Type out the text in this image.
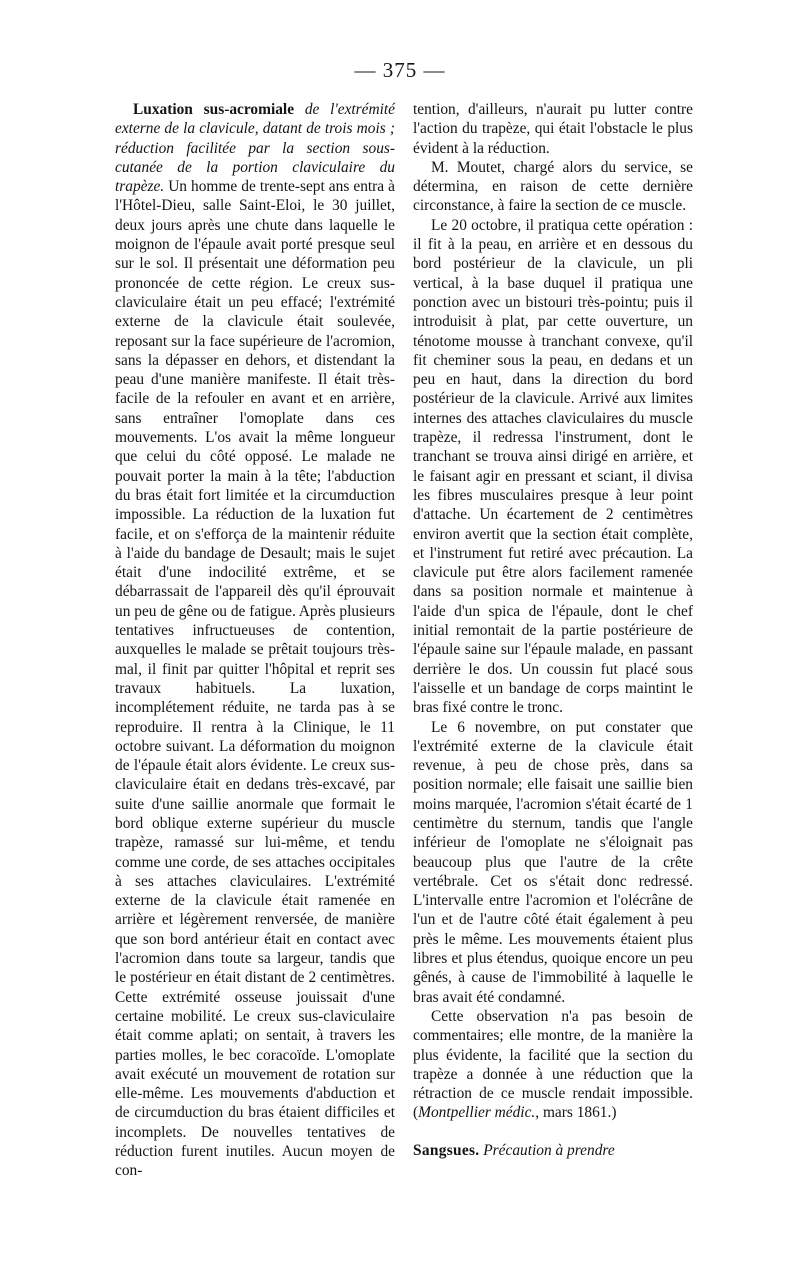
— 375 —

Luxation sus-acromiale de l'extrémité externe de la clavicule, datant de trois mois ; réduction facilitée par la section sous-cutanée de la portion claviculaire du trapèze. Un homme de trente-sept ans entra à l'Hôtel-Dieu, salle Saint-Eloi, le 30 juillet, deux jours après une chute dans laquelle le moignon de l'épaule avait porté presque seul sur le sol. Il présentait une déformation peu prononcée de cette région. Le creux sus-claviculaire était un peu effacé; l'extrémité externe de la clavicule était soulevée, reposant sur la face supérieure de l'acromion, sans la dépasser en dehors, et distendant la peau d'une manière manifeste. Il était très-facile de la refouler en avant et en arrière, sans entraîner l'omoplate dans ces mouvements. L'os avait la même longueur que celui du côté opposé. Le malade ne pouvait porter la main à la tête; l'abduction du bras était fort limitée et la circumduction impossible. La réduction de la luxation fut facile, et on s'efforça de la maintenir réduite à l'aide du bandage de Desault; mais le sujet était d'une indocilité extrême, et se débarrassait de l'appareil dès qu'il éprouvait un peu de gêne ou de fatigue. Après plusieurs tentatives infructueuses de contention, auxquelles le malade se prêtait toujours très-mal, il finit par quitter l'hôpital et reprit ses travaux habituels. La luxation, incomplétement réduite, ne tarda pas à se reproduire. Il rentra à la Clinique, le 11 octobre suivant. La déformation du moignon de l'épaule était alors évidente. Le creux sus-claviculaire était en dedans très-excavé, par suite d'une saillie anormale que formait le bord oblique externe supérieur du muscle trapèze, ramassé sur lui-même, et tendu comme une corde, de ses attaches occipitales à ses attaches claviculaires. L'extrémité externe de la clavicule était ramenée en arrière et légèrement renversée, de manière que son bord antérieur était en contact avec l'acromion dans toute sa largeur, tandis que le postérieur en était distant de 2 centimètres. Cette extrémité osseuse jouissait d'une certaine mobilité. Le creux sus-claviculaire était comme aplati; on sentait, à travers les parties molles, le bec coracoïde. L'omoplate avait exécuté un mouvement de rotation sur elle-même. Les mouvements d'abduction et de circumduction du bras étaient difficiles et incomplets. De nouvelles tentatives de réduction furent inutiles. Aucun moyen de con-

tention, d'ailleurs, n'aurait pu lutter contre l'action du trapèze, qui était l'obstacle le plus évident à la réduction.

M. Moutet, chargé alors du service, se détermina, en raison de cette dernière circonstance, à faire la section de ce muscle.

Le 20 octobre, il pratiqua cette opération : il fit à la peau, en arrière et en dessous du bord postérieur de la clavicule, un pli vertical, à la base duquel il pratiqua une ponction avec un bistouri très-pointu; puis il introduisit à plat, par cette ouverture, un ténotome mousse à tranchant convexe, qu'il fit cheminer sous la peau, en dedans et un peu en haut, dans la direction du bord postérieur de la clavicule. Arrivé aux limites internes des attaches claviculaires du muscle trapèze, il redressa l'instrument, dont le tranchant se trouva ainsi dirigé en arrière, et le faisant agir en pressant et sciant, il divisa les fibres musculaires presque à leur point d'attache. Un écartement de 2 centimètres environ avertit que la section était complète, et l'instrument fut retiré avec précaution. La clavicule put être alors facilement ramenée dans sa position normale et maintenue à l'aide d'un spica de l'épaule, dont le chef initial remontait de la partie postérieure de l'épaule saine sur l'épaule malade, en passant derrière le dos. Un coussin fut placé sous l'aisselle et un bandage de corps maintint le bras fixé contre le tronc.

Le 6 novembre, on put constater que l'extrémité externe de la clavicule était revenue, à peu de chose près, dans sa position normale; elle faisait une saillie bien moins marquée, l'acromion s'était écarté de 1 centimètre du sternum, tandis que l'angle inférieur de l'omoplate ne s'éloignait pas beaucoup plus que l'autre de la crête vertébrale. Cet os s'était donc redressé. L'intervalle entre l'acromion et l'olécrâne de l'un et de l'autre côté était également à peu près le même. Les mouvements étaient plus libres et plus étendus, quoique encore un peu gênés, à cause de l'immobilité à laquelle le bras avait été condamné.

Cette observation n'a pas besoin de commentaires; elle montre, de la manière la plus évidente, la facilité que la section du trapèze a donnée à une réduction que la rétraction de ce muscle rendait impossible. (Montpellier médic., mars 1861.)

Sangsues. Précaution à prendre
